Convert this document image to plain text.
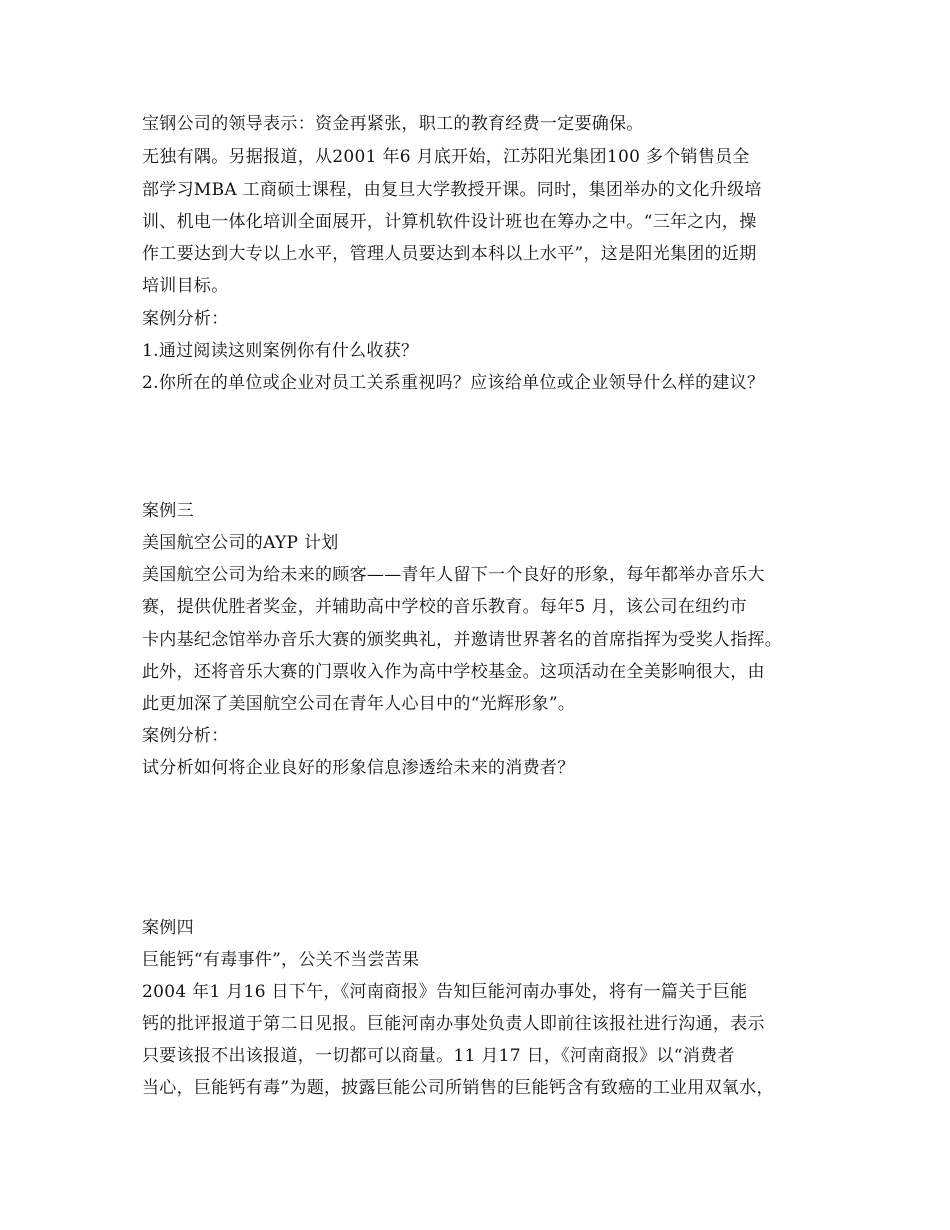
宝钢公司的领导表示：资金再紧张，职工的教育经费一定要确保。
无独有隅。另据报道，从2001 年6 月底开始，江苏阳光集团100 多个销售员全
部学习MBA 工商硕士课程，由复旦大学教授开课。同时，集团举办的文化升级培
训、机电一体化培训全面展开，计算机软件设计班也在筹办之中。“三年之内，操
作工要达到大专以上水平，管理人员要达到本科以上水平”，这是阳光集团的近期
培训目标。
案例分析：
1.通过阅读这则案例你有什么收获？
2.你所在的单位或企业对员工关系重视吗？应该给单位或企业领导什么样的建议？
案例三
美国航空公司的AYP 计划
美国航空公司为给未来的顾客——青年人留下一个良好的形象，每年都举办音乐大
赛，提供优胜者奖金，并辅助高中学校的音乐教育。每年5 月，该公司在纽约市
卡内基纪念馆举办音乐大赛的颁奖典礼，并邀请世界著名的首席指挥为受奖人指挥。
此外，还将音乐大赛的门票收入作为高中学校基金。这项活动在全美影响很大，由
此更加深了美国航空公司在青年人心目中的“光辉形象”。
案例分析：
试分析如何将企业良好的形象信息渗透给未来的消费者？
案例四
巨能钙“有毒事件”，公关不当尝苦果
2004 年1 月16 日下午，《河南商报》告知巨能河南办事处，将有一篇关于巨能
钙的批评报道于第二日见报。巨能河南办事处负责人即前往该报社进行沟通，表示
只要该报不出该报道，一切都可以商量。11 月17 日，《河南商报》以“消费者
当心，巨能钙有毒”为题，披露巨能公司所销售的巨能钙含有致癌的工业用双氧水，
